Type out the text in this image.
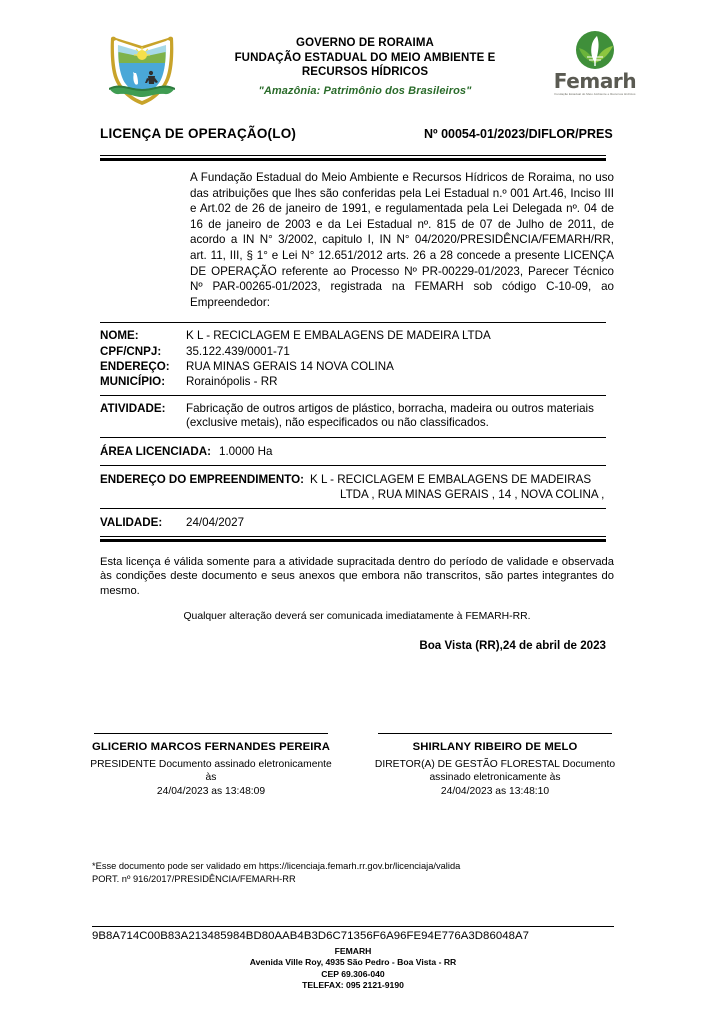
GOVERNO DE RORAIMA
FUNDAÇÃO ESTADUAL DO MEIO AMBIENTE E
RECURSOS HÍDRICOS
"Amazônia: Patrimônio dos Brasileiros"	Femarh
Fundação Estadual do Meio Ambiente e Recursos Hídricos
LICENÇA DE OPERAÇÃO(LO)	Nº 00054-01/2023/DIFLOR/PRES
A Fundação Estadual do Meio Ambiente e Recursos Hídricos de Roraima, no uso das atribuições que lhes são conferidas pela Lei Estadual n.º 001 Art.46, Inciso III e Art.02 de 26 de janeiro de 1991, e regulamentada pela Lei Delegada nº. 04 de 16 de janeiro de 2003 e da Lei Estadual nº. 815 de 07 de Julho de 2011, de acordo a IN N° 3/2002, capitulo I, IN N° 04/2020/PRESIDÊNCIA/FEMARH/RR, art. 11, III, § 1° e Lei N° 12.651/2012 arts. 26 a 28 concede a presente LICENÇA DE OPERAÇÃO referente ao Processo Nº PR-00229-01/2023, Parecer Técnico Nº PAR-00265-01/2023, registrada na FEMARH sob código C-10-09, ao Empreendedor:
NOME:	K L - RECICLAGEM E EMBALAGENS DE MADEIRA LTDA
CPF/CNPJ:	35.122.439/0001-71
ENDEREÇO:	RUA MINAS GERAIS 14 NOVA COLINA
MUNICÍPIO:	Rorainópolis - RR
ATIVIDADE:	Fabricação de outros artigos de plástico, borracha, madeira ou outros materiais (exclusive metais), não especificados ou não classificados.
ÁREA LICENCIADA: 1.0000 Ha
ENDEREÇO DO EMPREENDIMENTO: K L - RECICLAGEM E EMBALAGENS DE MADEIRAS
LTDA , RUA MINAS GERAIS , 14 , NOVA COLINA ,
VALIDADE:	24/04/2027
Esta licença é válida somente para a atividade supracitada dentro do período de validade e observada às condições deste documento e seus anexos que embora não transcritos, são partes integrantes do mesmo.
Qualquer alteração deverá ser comunicada imediatamente à FEMARH-RR.
Boa Vista (RR),24 de abril de 2023
GLICERIO MARCOS FERNANDES PEREIRA
PRESIDENTE Documento assinado eletronicamente às
24/04/2023 as 13:48:09
SHIRLANY RIBEIRO DE MELO
DIRETOR(A) DE GESTÃO FLORESTAL Documento assinado eletronicamente às
24/04/2023 as 13:48:10
*Esse documento pode ser validado em https://licenciaja.femarh.rr.gov.br/licenciaja/valida
PORT. nº 916/2017/PRESIDÊNCIA/FEMARH-RR
9B8A714C00B83A213485984BD80AAB4B3D6C71356F6A96FE94E776A3D86048A7
FEMARH
Avenida Ville Roy, 4935 São Pedro - Boa Vista - RR
CEP 69.306-040
TELEFAX: 095 2121-9190
